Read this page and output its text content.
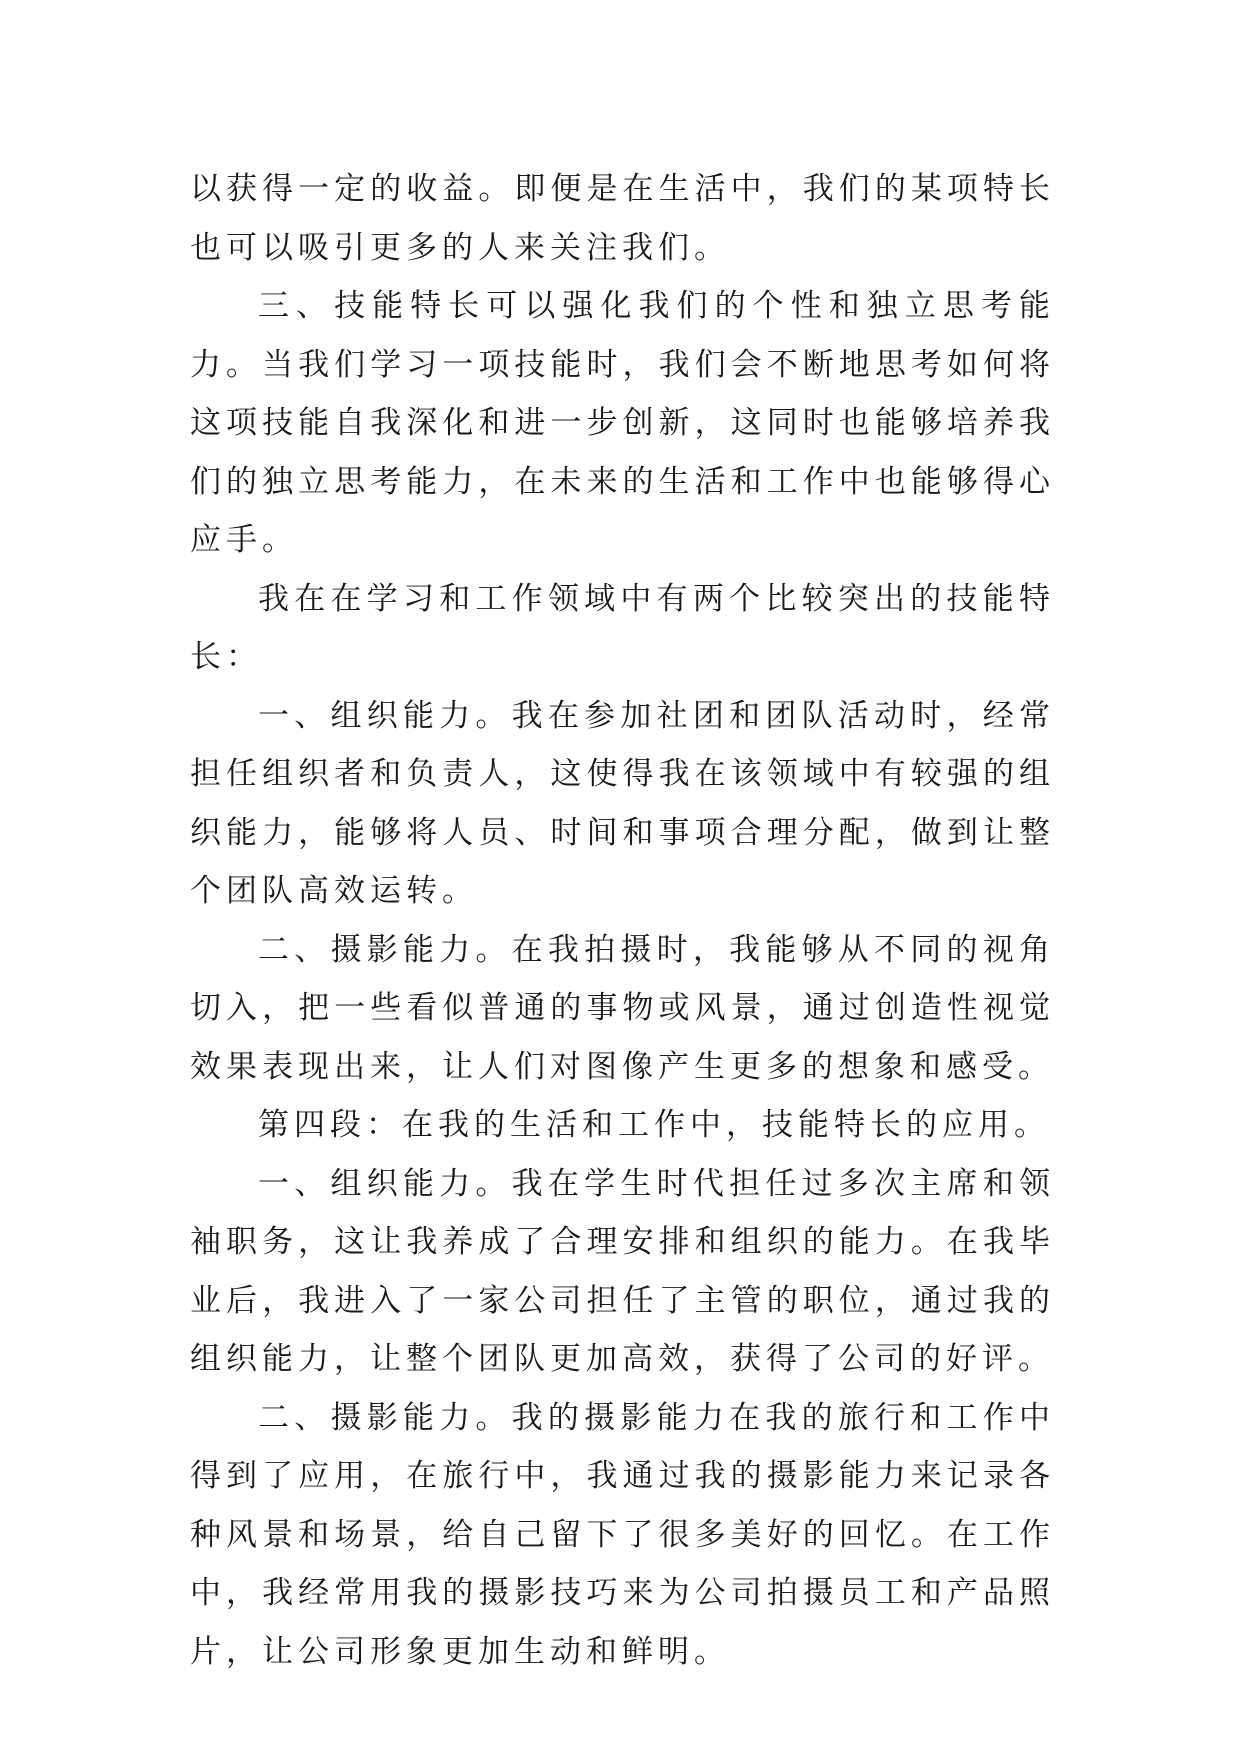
以获得一定的收益。即便是在生活中，我们的某项特长也可以吸引更多的人来关注我们。

三、技能特长可以强化我们的个性和独立思考能力。当我们学习一项技能时，我们会不断地思考如何将这项技能自我深化和进一步创新，这同时也能够培养我们的独立思考能力，在未来的生活和工作中也能够得心应手。

我在在学习和工作领域中有两个比较突出的技能特长：

一、组织能力。我在参加社团和团队活动时，经常担任组织者和负责人，这使得我在该领域中有较强的组织能力，能够将人员、时间和事项合理分配，做到让整个团队高效运转。

二、摄影能力。在我拍摄时，我能够从不同的视角切入，把一些看似普通的事物或风景，通过创造性视觉效果表现出来，让人们对图像产生更多的想象和感受。

第四段：在我的生活和工作中，技能特长的应用。

一、组织能力。我在学生时代担任过多次主席和领袖职务，这让我养成了合理安排和组织的能力。在我毕业后，我进入了一家公司担任了主管的职位，通过我的组织能力，让整个团队更加高效，获得了公司的好评。

二、摄影能力。我的摄影能力在我的旅行和工作中得到了应用，在旅行中，我通过我的摄影能力来记录各种风景和场景，给自己留下了很多美好的回忆。在工作中，我经常用我的摄影技巧来为公司拍摄员工和产品照片，让公司形象更加生动和鲜明。
